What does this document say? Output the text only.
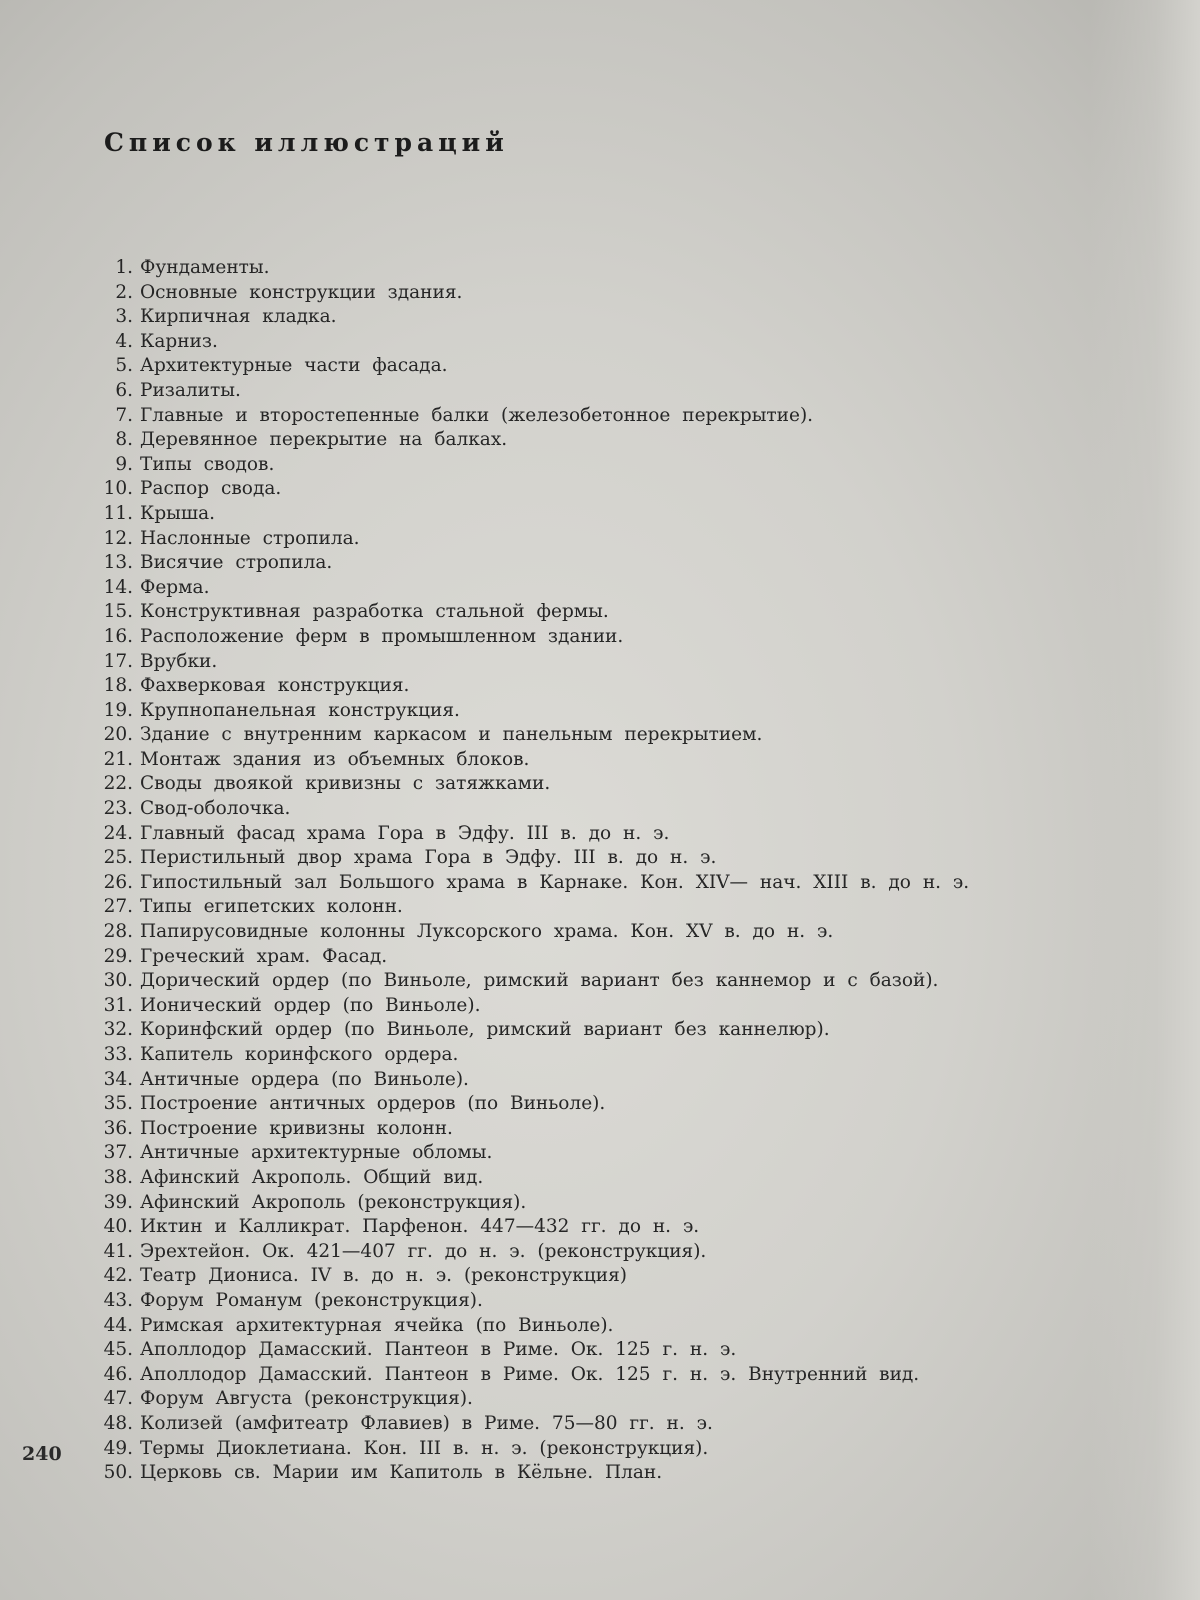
Список иллюстраций
1. Фундаменты.
2. Основные конструкции здания.
3. Кирпичная кладка.
4. Карниз.
5. Архитектурные части фасада.
6. Ризалиты.
7. Главные и второстепенные балки (железобетонное перекрытие).
8. Деревянное перекрытие на балках.
9. Типы сводов.
10. Распор свода.
11. Крыша.
12. Наслонные стропила.
13. Висячие стропила.
14. Ферма.
15. Конструктивная разработка стальной фермы.
16. Расположение ферм в промышленном здании.
17. Врубки.
18. Фахверковая конструкция.
19. Крупнопанельная конструкция.
20. Здание с внутренним каркасом и панельным перекрытием.
21. Монтаж здания из объемных блоков.
22. Своды двоякой кривизны с затяжками.
23. Свод-оболочка.
24. Главный фасад храма Гора в Эдфу. III в. до н. э.
25. Перистильный двор храма Гора в Эдфу. III в. до н. э.
26. Гипостильный зал Большого храма в Карнаке. Кон. XIV— нач. XIII в. до н. э.
27. Типы египетских колонн.
28. Папирусовидные колонны Луксорского храма. Кон. XV в. до н. э.
29. Греческий храм. Фасад.
30. Дорический ордер (по Виньоле, римский вариант без каннемор и с базой).
31. Ионический ордер (по Виньоле).
32. Коринфский ордер (по Виньоле, римский вариант без каннелюр).
33. Капитель коринфского ордера.
34. Античные ордера (по Виньоле).
35. Построение античных ордеров (по Виньоле).
36. Построение кривизны колонн.
37. Античные архитектурные обломы.
38. Афинский Акрополь. Общий вид.
39. Афинский Акрополь (реконструкция).
40. Иктин и Калликрат. Парфенон. 447—432 гг. до н. э.
41. Эрехтейон. Ок. 421—407 гг. до н. э. (реконструкция).
42. Театр Диониса. IV в. до н. э. (реконструкция)
43. Форум Романум (реконструкция).
44. Римская архитектурная ячейка (по Виньоле).
45. Аполлодор Дамасский. Пантеон в Риме. Ок. 125 г. н. э.
46. Аполлодор Дамасский. Пантеон в Риме. Ок. 125 г. н. э. Внутренний вид.
47. Форум Августа (реконструкция).
48. Колизей (амфитеатр Флавиев) в Риме. 75—80 гг. н. э.
49. Термы Диоклетиана. Кон. III в. н. э. (реконструкция).
50. Церковь св. Марии им Капитоль в Кёльне. План.
240
